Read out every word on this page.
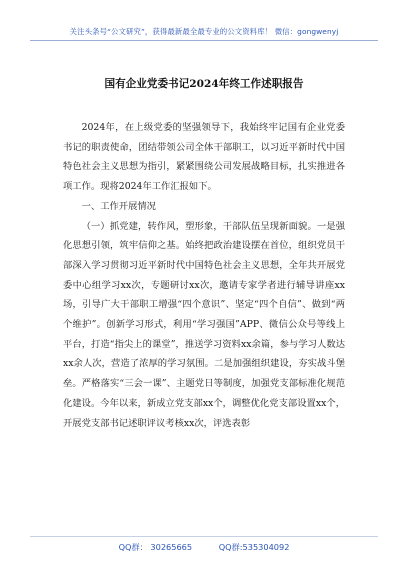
关注头条号“公文研究”，获得最新最全最专业的公文资料库！ 微信：gongwenyj
国有企业党委书记2024年终工作述职报告

2024年，在上级党委的坚强领导下，我始终牢记国有企业党委书记的职责使命，团结带领公司全体干部职工，以习近平新时代中国特色社会主义思想为指引，紧紧围绕公司发展战略目标，扎实推进各项工作。现将2024年工作汇报如下。

一、工作开展情况

（一）抓党建，转作风，塑形象，干部队伍呈现新面貌。一是强化思想引领，筑牢信仰之基。始终把政治建设摆在首位，组织党员干部深入学习贯彻习近平新时代中国特色社会主义思想，全年共开展党委中心组学习xx次，专题研讨xx次，邀请专家学者进行辅导讲座xx场，引导广大干部职工增强“四个意识”、坚定“四个自信”、做到“两个维护”。创新学习形式，利用“学习强国”APP、微信公众号等线上平台，打造“指尖上的课堂”，推送学习资料xx余篇，参与学习人数达xx余人次，营造了浓厚的学习氛围。二是加强组织建设，夯实战斗堡垒。严格落实“三会一课”、主题党日等制度，加强党支部标准化规范化建设。今年以来，新成立党支部xx个，调整优化党支部设置xx个，开展党支部书记述职评议考核xx次，评选表彰

QQ群： 30265665	QQ群:535304092
